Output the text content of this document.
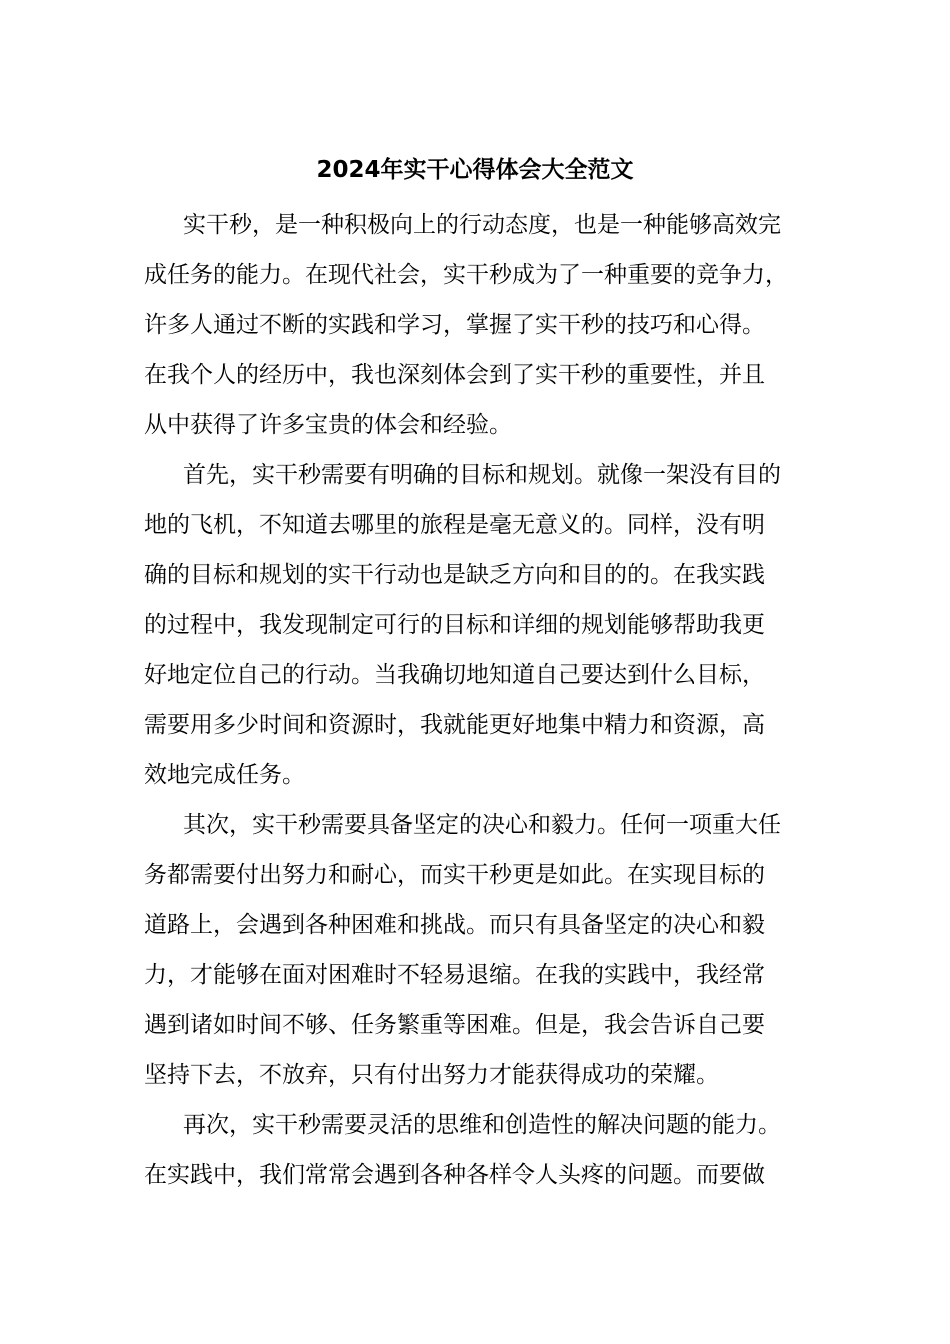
2024年实干心得体会大全范文
实干秒，是一种积极向上的行动态度，也是一种能够高效完
成任务的能力。在现代社会，实干秒成为了一种重要的竞争力，
许多人通过不断的实践和学习，掌握了实干秒的技巧和心得。
在我个人的经历中，我也深刻体会到了实干秒的重要性，并且
从中获得了许多宝贵的体会和经验。
首先，实干秒需要有明确的目标和规划。就像一架没有目的
地的飞机，不知道去哪里的旅程是毫无意义的。同样，没有明
确的目标和规划的实干行动也是缺乏方向和目的的。在我实践
的过程中，我发现制定可行的目标和详细的规划能够帮助我更
好地定位自己的行动。当我确切地知道自己要达到什么目标，
需要用多少时间和资源时，我就能更好地集中精力和资源，高
效地完成任务。
其次，实干秒需要具备坚定的决心和毅力。任何一项重大任
务都需要付出努力和耐心，而实干秒更是如此。在实现目标的
道路上，会遇到各种困难和挑战。而只有具备坚定的决心和毅
力，才能够在面对困难时不轻易退缩。在我的实践中，我经常
遇到诸如时间不够、任务繁重等困难。但是，我会告诉自己要
坚持下去，不放弃，只有付出努力才能获得成功的荣耀。
再次，实干秒需要灵活的思维和创造性的解决问题的能力。
在实践中，我们常常会遇到各种各样令人头疼的问题。而要做
